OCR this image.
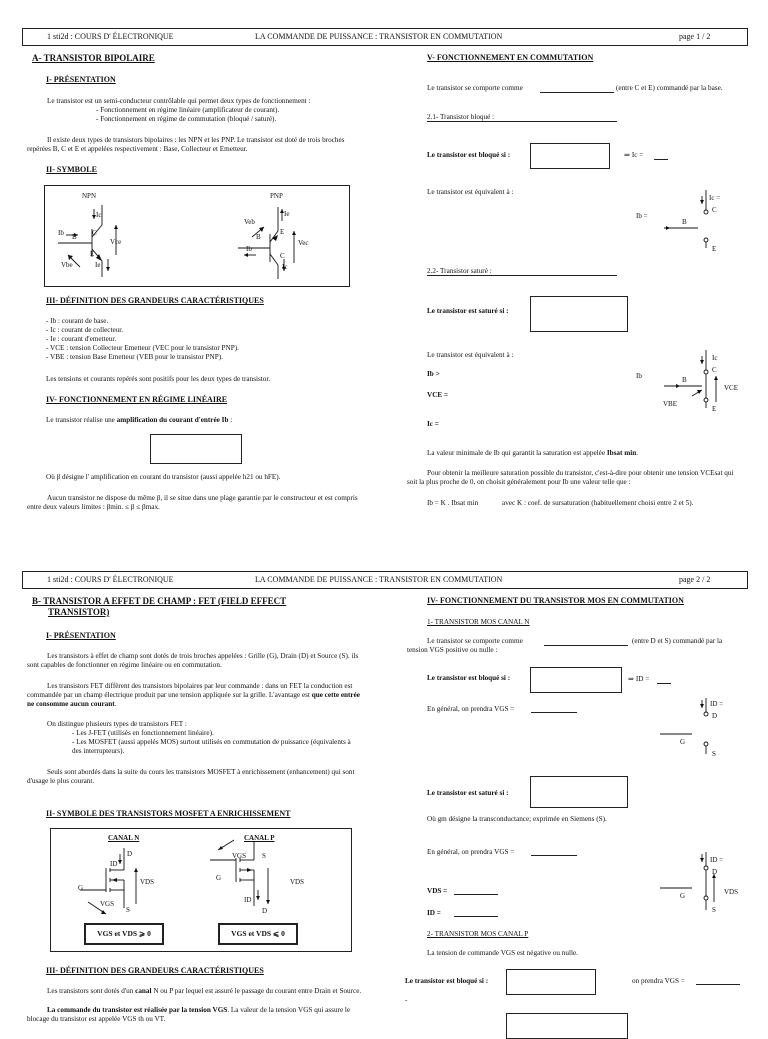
1 sti2d : COURS D' ÉLECTRONIQUE	LA COMMANDE DE PUISSANCE : TRANSISTOR EN COMMUTATION	page 1 / 2
A- TRANSISTOR BIPOLAIRE
I- PRÉSENTATION
Le transistor est un semi-conducteur contrôlable qui permet deux types de fonctionnement :
- Fonctionnement en régime linéaire (amplificateur de courant).
- Fonctionnement en régime de commutation (bloqué / saturé).
Il existe deux types de transistors bipolaires : les NPN et les PNP. Le transistor est doté de trois broches repérées B, C et E et appelées respectivement : Base, Collecteur et Emetteur.
II- SYMBOLE
NPN	PNP
Ib B
Ic
C
Vce
E
Vbe	Ie
Veb
Ie
E
B
Ib
Vec
C
Ic
III- DÉFINITION DES GRANDEURS CARACTÉRISTIQUES
- Ib : courant de base.
- Ic : courant de collecteur.
- Ie : courant d'emetteur.
- VCE : tension Collecteur Emetteur (VEC pour le transistor PNP).
- VBE : tension Base Emetteur (VEB pour le transistor PNP).
Les tensions et courants repérés sont positifs pour les deux types de transistor.
IV- FONCTIONNEMENT EN RÉGIME LINÉAIRE
Le transistor réalise une amplification du courant d'entrée Ib :
Où β désigne l' amplification en courant du transistor (aussi appelée h21 ou hFE).
Aucun transistor ne dispose du même β, il se situe dans une plage garantie par le constructeur et est compris entre deux valeurs limites : βmin. ≤ β ≤ βmax.
V- FONCTIONNEMENT EN COMMUTATION
Le transistor se comporte comme	(entre C et E) commandé par la base.
2.1- Transistor bloqué :
Le transistor est bloqué si :	⇒ Ic =
Le transistor est équivalent à :
Ic =
C
Ib =
B
E
2.2- Transistor saturé :
Le transistor est saturé si :
Le transistor est équivalent à :
Ib >
VCE =
Ic =
Ic
C
Ib	B
VCE
VBE
E
La valeur minimale de Ib qui garantit la saturation est appelée Ibsat min.
Pour obtenir la meilleure saturation possible du transistor, c'est-à-dire pour obtenir une tension VCEsat qui soit la plus proche de 0, on choisit généralement pour Ib une valeur telle que :
Ib = K . Ibsat min	avec K : coef. de sursaturation (habituellement choisi entre 2 et 5).
1 sti2d : COURS D' ÉLECTRONIQUE	LA COMMANDE DE PUISSANCE : TRANSISTOR EN COMMUTATION	page 2 / 2
B- TRANSISTOR A EFFET DE CHAMP : FET (FIELD EFFECT
TRANSISTOR)
I- PRÉSENTATION
Les transistors à effet de champ sont dotés de trois broches appelées : Grille (G), Drain (D) et Source (S). ils sont capables de fonctionner en régime linéaire ou en commutation.
Les transistors FET diffèrent des transistors bipolaires par leur commande : dans un FET la conduction est commandée par un champ électrique produit par une tension appliquée sur la grille. L'avantage est que cette entrée ne consomme aucun courant.
On distingue plusieurs types de transistors FET :
- Les J-FET (utilisés en fonctionnement linéaire).
- Les MOSFET (aussi appelés MOS) surtout utilisés en commutation de puissance (équivalents à des interrupteurs).
Seuls sont abordés dans la suite du cours les transistors MOSFET à enrichissement (enhancement) qui sont d'usage le plus courant.
II- SYMBOLE DES TRANSISTORS MOSFET A ENRICHISSEMENT
CANAL N	CANAL P
D
ID
G
VDS
VGS
S
VGS S
G	VDS
ID
D
VGS et VDS ⩾ 0	VGS et VDS ⩽ 0
III- DÉFINITION DES GRANDEURS CARACTÉRISTIQUES
Les transistors sont dotés d'un canal N ou P par lequel est assuré le passage du courant entre Drain et Source.
La commande du transistor est réalisée par la tension VGS. La valeur de la tension VGS qui assure le blocage du transistor est appelée VGS th ou VT.
IV- FONCTIONNEMENT DU TRANSISTOR MOS EN COMMUTATION
1- TRANSISTOR MOS CANAL N
Le transistor se comporte comme	(entre D et S) commandé par la tension VGS positive ou nulle :
Le transistor est bloqué si :	⇒ ID =
En général, on prendra VGS =
ID =
D
G
S
Le transistor est saturé si :
Où gm désigne la transconductance; exprimée en Siemens (S).
En général, on prendra VGS =
VDS =
ID =
ID =
D
VDS
G
S
2- TRANSISTOR MOS CANAL P
La tension de commande VGS est négative ou nulle.
Le transistor est bloqué si :	on prendra VGS =
-
